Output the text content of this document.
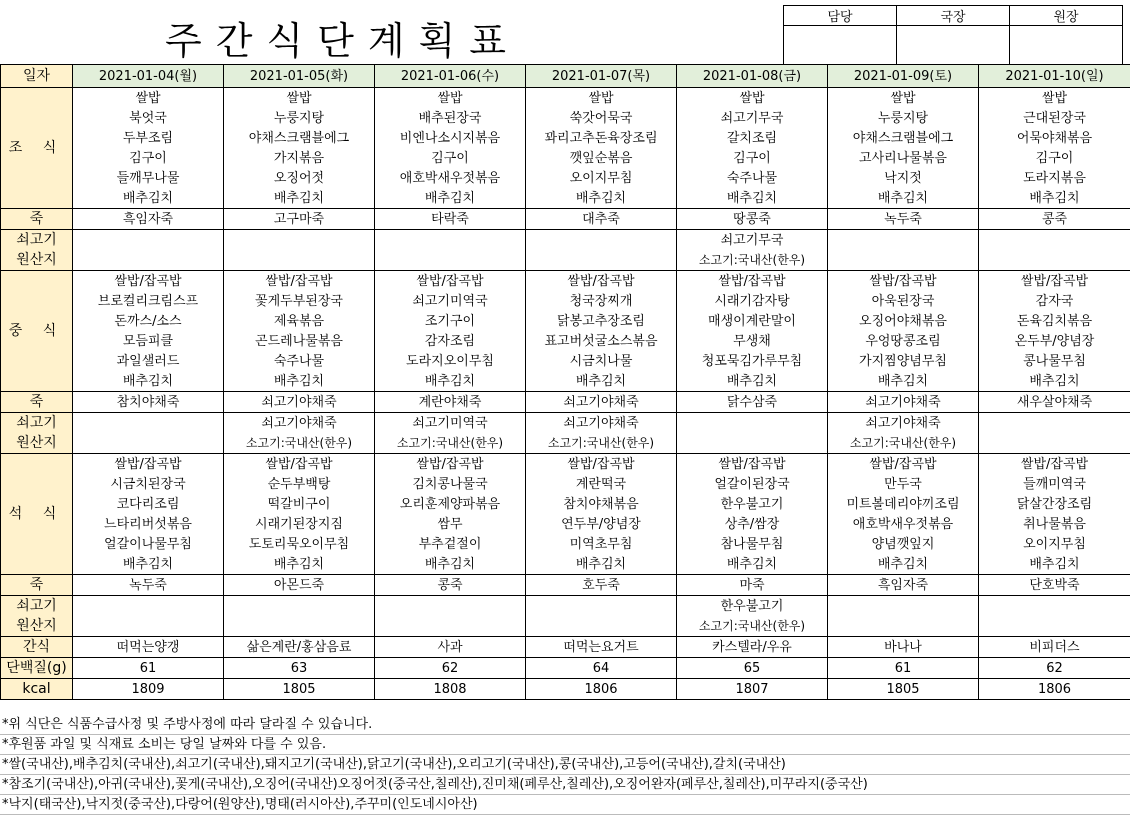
주간식단계획표
담당	국장	원장

일자	2021-01-04(월)	2021-01-05(화)	2021-01-06(수)	2021-01-07(목)	2021-01-08(금)	2021-01-09(토)	2021-01-10(일)
조 식	쌀밥	쌀밥	쌀밥	쌀밥	쌀밥	쌀밥	쌀밥
	북엇국	누룽지탕	배추된장국	쑥갓어묵국	쇠고기무국	누룽지탕	근대된장국
	두부조림	야채스크램블에그	비엔나소시지볶음	꽈리고추돈육장조림	갈치조림	야채스크램블에그	어묵야채볶음
	김구이	가지볶음	김구이	깻잎순볶음	김구이	고사리나물볶음	김구이
	들깨무나물	오징어젓	애호박새우젓볶음	오이지무침	숙주나물	낙지젓	도라지볶음
	배추김치	배추김치	배추김치	배추김치	배추김치	배추김치	배추김치
죽	흑임자죽	고구마죽	타락죽	대추죽	땅콩죽	녹두죽	콩죽
쇠고기					쇠고기무국		
원산지					소고기:국내산(한우)		
중 식	쌀밥/잡곡밥	쌀밥/잡곡밥	쌀밥/잡곡밥	쌀밥/잡곡밥	쌀밥/잡곡밥	쌀밥/잡곡밥	쌀밥/잡곡밥
	브로컬리크림스프	꽃게두부된장국	쇠고기미역국	청국장찌개	시래기감자탕	아욱된장국	감자국
	돈까스/소스	제육볶음	조기구이	닭봉고추장조림	매생이계란말이	오징어야채볶음	돈육김치볶음
	모듬피클	곤드레나물볶음	감자조림	표고버섯굴소스볶음	무생채	우엉땅콩조림	온두부/양념장
	과일샐러드	숙주나물	도라지오이무침	시금치나물	청포묵김가루무침	가지찜양념무침	콩나물무침
	배추김치	배추김치	배추김치	배추김치	배추김치	배추김치	배추김치
죽	참치야채죽	쇠고기야채죽	계란야채죽	쇠고기야채죽	닭수삼죽	쇠고기야채죽	새우살야채죽
쇠고기		쇠고기야채죽	쇠고기미역국	쇠고기야채죽		쇠고기야채죽	
원산지		소고기:국내산(한우)	소고기:국내산(한우)	소고기:국내산(한우)		소고기:국내산(한우)	
석 식	쌀밥/잡곡밥	쌀밥/잡곡밥	쌀밥/잡곡밥	쌀밥/잡곡밥	쌀밥/잡곡밥	쌀밥/잡곡밥	쌀밥/잡곡밥
	시금치된장국	순두부백탕	김치콩나물국	계란떡국	얼갈이된장국	만두국	들깨미역국
	코다리조림	떡갈비구이	오리훈제양파볶음	참치야채볶음	한우불고기	미트볼데리야끼조림	닭살간장조림
	느타리버섯볶음	시래기된장지짐	쌈무	연두부/양념장	상추/쌈장	애호박새우젓볶음	취나물볶음
	얼갈이나물무침	도토리묵오이무침	부추겉절이	미역초무침	참나물무침	양념깻잎지	오이지무침
	배추김치	배추김치	배추김치	배추김치	배추김치	배추김치	배추김치
죽	녹두죽	아몬드죽	콩죽	호두죽	마죽	흑임자죽	단호박죽
쇠고기					한우불고기		
원산지					소고기:국내산(한우)		
간식	떠먹는양갱	삶은계란/홍삼음료	사과	떠먹는요거트	카스텔라/우유	바나나	비피더스
단백질(g)	61	63	62	64	65	61	62
kcal	1809	1805	1808	1806	1807	1805	1806
*위 식단은 식품수급사정 및 주방사정에 따라 달라질 수 있습니다.
*후원품 과일 및 식재료 소비는 당일 날짜와 다를 수 있음.
*쌀(국내산),배추김치(국내산),쇠고기(국내산),돼지고기(국내산),닭고기(국내산),오리고기(국내산),콩(국내산),고등어(국내산),갈치(국내산)
*참조기(국내산),아귀(국내산),꽃게(국내산),오징어(국내산)오징어젓(중국산,칠레산),진미채(페루산,칠레산),오징어완자(페루산,칠레산),미꾸라지(중국산)
*낙지(태국산),낙지젓(중국산),다랑어(원양산),명태(러시아산),주꾸미(인도네시아산)
